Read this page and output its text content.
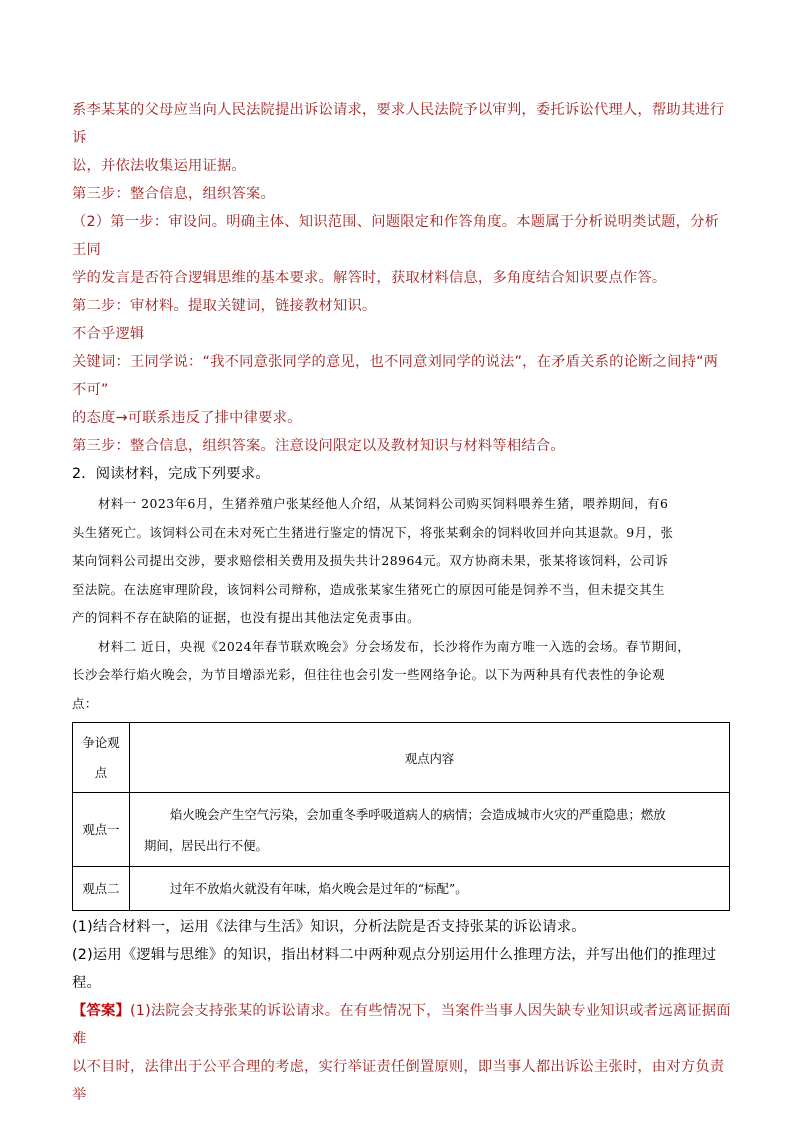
系李某某的父母应当向人民法院提出诉讼请求，要求人民法院予以审判，委托诉讼代理人，帮助其进行诉

讼，并依法收集运用证据。

第三步：整合信息，组织答案。

（2）第一步：审设问。明确主体、知识范围、问题限定和作答角度。本题属于分析说明类试题，分析王同

学的发言是否符合逻辑思维的基本要求。解答时，获取材料信息，多角度结合知识要点作答。

第二步：审材料。提取关键词，链接教材知识。

不合乎逻辑

关键词：王同学说：“我不同意张同学的意见，也不同意刘同学的说法”，在矛盾关系的论断之间持“两不可”

的态度→可联系违反了排中律要求。

第三步：整合信息，组织答案。注意设问限定以及教材知识与材料等相结合。

2．阅读材料，完成下列要求。

材料一 2023年6月，生猪养殖户张某经他人介绍，从某饲料公司购买饲料喂养生猪，喂养期间，有6

头生猪死亡。该饲料公司在未对死亡生猪进行鉴定的情况下，将张某剩余的饲料收回并向其退款。9月，张

某向饲料公司提出交涉，要求赔偿相关费用及损失共计28964元。双方协商未果，张某将该饲料，公司诉

至法院。在法庭审理阶段，该饲料公司辩称，造成张某家生猪死亡的原因可能是饲养不当，但未提交其生

产的饲料不存在缺陷的证据，也没有提出其他法定免责事由。

材料二 近日，央视《2024年春节联欢晚会》分会场发布，长沙将作为南方唯一入选的会场。春节期间，

长沙会举行焰火晚会，为节目增添光彩，但往往也会引发一些网络争论。以下为两种具有代表性的争论观

点：

争论观
点	观点内容
观点一	焰火晚会产生空气污染，会加重冬季呼吸道病人的病情；会造成城市火灾的严重隐患；燃放
期间，居民出行不便。

观点二	过年不放焰火就没有年味，焰火晚会是过年的“标配”。

(1)结合材料一，运用《法律与生活》知识，分析法院是否支持张某的诉讼请求。

(2)运用《逻辑与思维》的知识，指出材料二中两种观点分别运用什么推理方法，并写出他们的推理过程。

【答案】(1)法院会支持张某的诉讼请求。在有些情况下，当案件当事人因失缺专业知识或者远离证据面难

以不目时，法律出于公平合理的考虑，实行举证责任倒置原则，即当事人都出诉讼主张时，由对方负责举
